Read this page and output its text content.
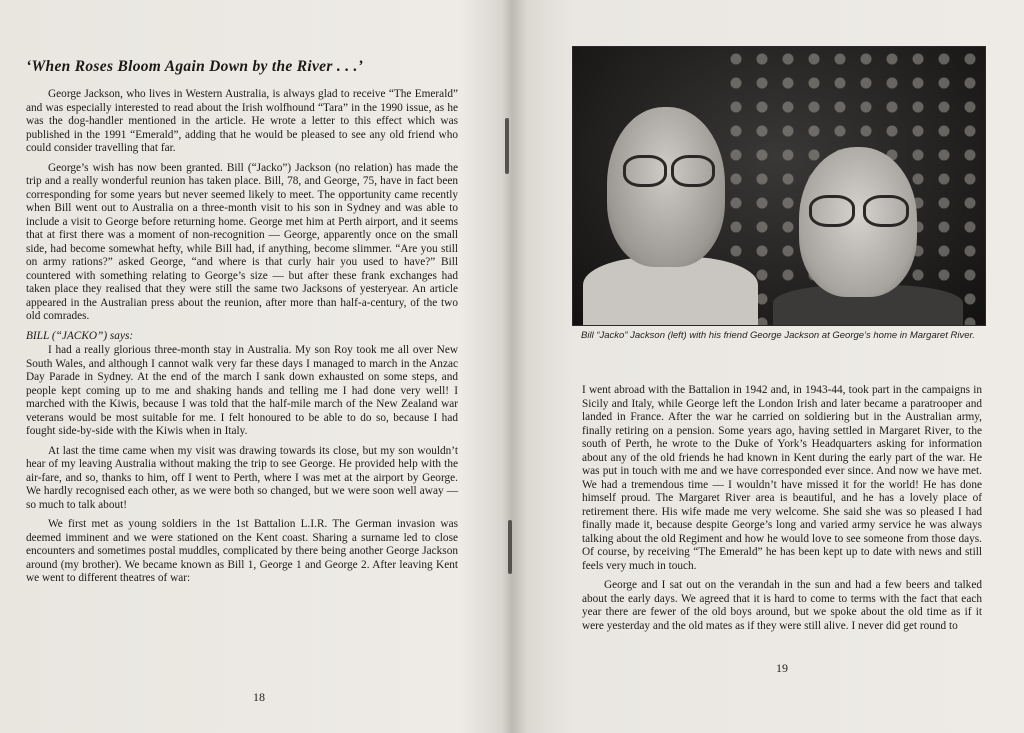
‘When Roses Bloom Again Down by the River . . .’

George Jackson, who lives in Western Australia, is always glad to receive “The Emerald” and was especially interested to read about the Irish wolfhound “Tara” in the 1990 issue, as he was the dog-handler mentioned in the article. He wrote a letter to this effect which was published in the 1991 “Emerald”, adding that he would be pleased to see any old friend who could consider travelling that far.

George’s wish has now been granted. Bill (“Jacko”) Jackson (no relation) has made the trip and a really wonderful reunion has taken place. Bill, 78, and George, 75, have in fact been corresponding for some years but never seemed likely to meet. The opportunity came recently when Bill went out to Australia on a three-month visit to his son in Sydney and was able to include a visit to George before returning home. George met him at Perth airport, and it seems that at first there was a moment of non-recognition — George, apparently once on the small side, had become somewhat hefty, while Bill had, if anything, become slimmer. “Are you still on army rations?” asked George, “and where is that curly hair you used to have?” Bill countered with something relating to George’s size — but after these frank exchanges had taken place they realised that they were still the same two Jacksons of yesteryear. An article appeared in the Australian press about the reunion, after more than half-a-century, of the two old comrades.

BILL (“JACKO”) says:

I had a really glorious three-month stay in Australia. My son Roy took me all over New South Wales, and although I cannot walk very far these days I managed to march in the Anzac Day Parade in Sydney. At the end of the march I sank down exhausted on some steps, and people kept coming up to me and shaking hands and telling me I had done very well! I marched with the Kiwis, because I was told that the half-mile march of the New Zealand war veterans would be most suitable for me. I felt honoured to be able to do so, because I had fought side-by-side with the Kiwis when in Italy.

At last the time came when my visit was drawing towards its close, but my son wouldn’t hear of my leaving Australia without making the trip to see George. He provided help with the air-fare, and so, thanks to him, off I went to Perth, where I was met at the airport by George. We hardly recognised each other, as we were both so changed, but we were soon well away — so much to talk about!

We first met as young soldiers in the 1st Battalion L.I.R. The German invasion was deemed imminent and we were stationed on the Kent coast. Sharing a surname led to close encounters and sometimes postal muddles, complicated by there being another George Jackson around (my brother). We became known as Bill 1, George 1 and George 2. After leaving Kent we went to different theatres of war:

18
Bill “Jacko” Jackson (left) with his friend George Jackson at George’s home in Margaret River.

I went abroad with the Battalion in 1942 and, in 1943-44, took part in the campaigns in Sicily and Italy, while George left the London Irish and later became a paratrooper and landed in France. After the war he carried on soldiering but in the Australian army, finally retiring on a pension. Some years ago, having settled in Margaret River, to the south of Perth, he wrote to the Duke of York’s Headquarters asking for information about any of the old friends he had known in Kent during the early part of the war. He was put in touch with me and we have corresponded ever since. And now we have met. We had a tremendous time — I wouldn’t have missed it for the world! He has done himself proud. The Margaret River area is beautiful, and he has a lovely place of retirement there. His wife made me very welcome. She said she was so pleased I had finally made it, because despite George’s long and varied army service he was always talking about the old Regiment and how he would love to see someone from those days. Of course, by receiving “The Emerald” he has been kept up to date with news and still feels very much in touch.

George and I sat out on the verandah in the sun and had a few beers and talked about the early days. We agreed that it is hard to come to terms with the fact that each year there are fewer of the old boys around, but we spoke about the old time as if it were yesterday and the old mates as if they were still alive. I never did get round to

19
